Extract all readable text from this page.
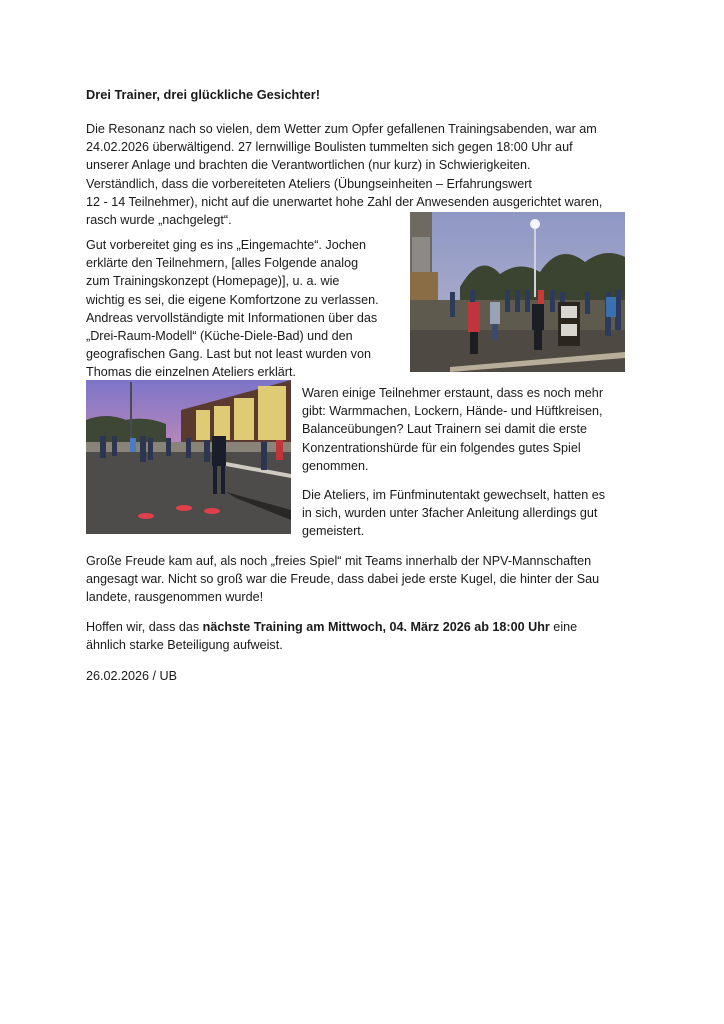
Drei Trainer, drei glückliche Gesichter!

Die Resonanz nach so vielen, dem Wetter zum Opfer gefallenen Trainingsabenden, war am
24.02.2026 überwältigend. 27 lernwillige Boulisten tummelten sich gegen 18:00 Uhr auf
unserer Anlage und brachten die Verantwortlichen (nur kurz) in Schwierigkeiten.
Verständlich, dass die vorbereiteten Ateliers (Übungseinheiten – Erfahrungswert
12 - 14 Teilnehmer), nicht auf die unerwartet hohe Zahl der Anwesenden ausgerichtet waren,
rasch wurde „nachgelegt“.

Gut vorbereitet ging es ins „Eingemachte“. Jochen
erklärte den Teilnehmern, [alles Folgende analog
zum Trainingskonzept (Homepage)], u. a. wie
wichtig es sei, die eigene Komfortzone zu verlassen.
Andreas vervollständigte mit Informationen über das
„Drei-Raum-Modell“ (Küche-Diele-Bad) und den
geografischen Gang. Last but not least wurden von
Thomas die einzelnen Ateliers erklärt.

Waren einige Teilnehmer erstaunt, dass es noch mehr
gibt: Warmmachen, Lockern, Hände- und Hüftkreisen,
Balanceübungen? Laut Trainern sei damit die erste
Konzentrationshürde für ein folgendes gutes Spiel
genommen.

Die Ateliers, im Fünfminutentakt gewechselt, hatten es
in sich, wurden unter 3facher Anleitung allerdings gut
gemeistert.

Große Freude kam auf, als noch „freies Spiel“ mit Teams innerhalb der NPV-Mannschaften
angesagt war. Nicht so groß war die Freude, dass dabei jede erste Kugel, die hinter der Sau
landete, rausgenommen wurde!

Hoffen wir, dass das nächste Training am Mittwoch, 04. März 2026 ab 18:00 Uhr eine
ähnlich starke Beteiligung aufweist.

26.02.2026 / UB
